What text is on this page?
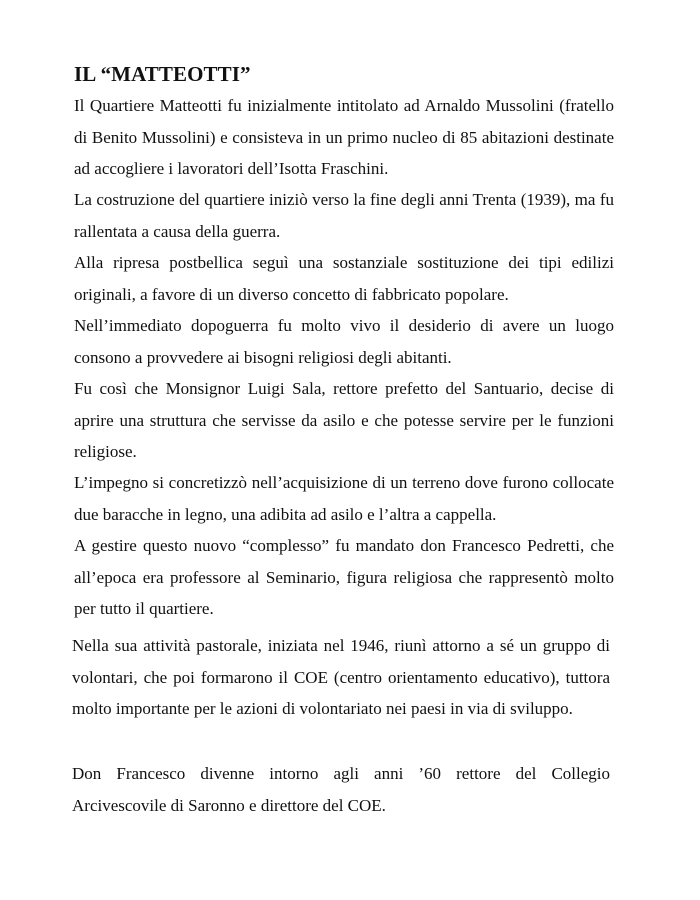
IL “MATTEOTTI”

Il Quartiere Matteotti fu inizialmente intitolato ad Arnaldo Mussolini (fratello di Benito Mussolini) e consisteva in un primo nucleo di 85 abitazioni destinate ad accogliere i lavoratori dell’Isotta Fraschini.

La costruzione del quartiere iniziò verso la fine degli anni Trenta (1939), ma fu rallentata a causa della guerra.

Alla ripresa postbellica seguì una sostanziale sostituzione dei tipi edilizi originali, a favore di un diverso concetto di fabbricato popolare.

Nell’immediato dopoguerra fu molto vivo il desiderio di avere un luogo consono a provvedere ai bisogni religiosi degli abitanti.

Fu così che Monsignor Luigi Sala, rettore prefetto del Santuario, decise di aprire una struttura che servisse da asilo e che potesse servire per le funzioni religiose.

L’impegno si concretizzò nell’acquisizione di un terreno dove furono collocate due baracche in legno, una adibita ad asilo e l’altra a cappella.

A gestire questo nuovo “complesso” fu mandato don Francesco Pedretti, che all’epoca era professore al Seminario, figura religiosa che rappresentò molto per tutto il quartiere.

Nella sua attività pastorale, iniziata nel 1946, riunì attorno a sé un gruppo di volontari, che poi formarono il COE (centro orientamento educativo), tuttora molto importante per le azioni di volontariato nei paesi in via di sviluppo.

Don Francesco divenne intorno agli anni ’60 rettore del Collegio Arcivescovile di Saronno e direttore del COE.
